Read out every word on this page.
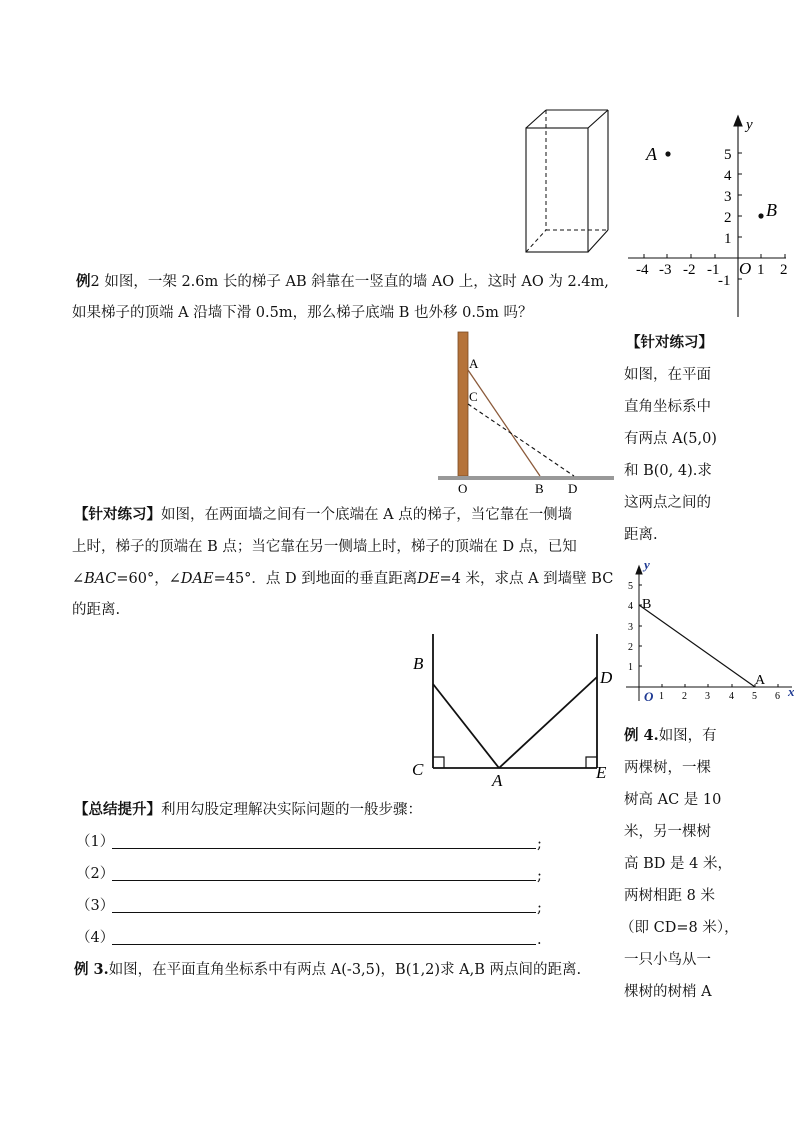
y
A
B
O
-4 -3 -2 -1	1 2
5
4
3
2
1
-1
例2 如图，一架 2.6m 长的梯子 AB 斜靠在一竖直的墙 AO 上，这时 AO 为 2.4m,
如果梯子的顶端 A 沿墙下滑 0.5m，那么梯子底端 B 也外移 0.5m 吗？
A
C
O	B D
【针对练习】
如图，在平面
直角坐标系中
有两点 A(5,0)
和 B(0, 4).求
这两点之间的
距离.
【针对练习】如图，在两面墙之间有一个底端在 A 点的梯子，当它靠在一侧墙
上时，梯子的顶端在 B 点；当它靠在另一侧墙上时，梯子的顶端在 D 点，已知
∠BAC=60°，∠DAE=45°．点 D 到地面的垂直距离DE=4 米，求点 A 到墙壁 BC
的距离.
y
O	x
B
A
1 2 3 4 5 6
5
4
3
2
1
B
D
C
A	E
例 4.如图，有
两棵树，一棵
树高 AC 是 10
米，另一棵树
高 BD 是 4 米，
两树相距 8 米
（即 CD=8 米），
一只小鸟从一
棵树的树梢 A
【总结提升】利用勾股定理解决实际问题的一般步骤：
（1）	;
（2）	;
（3）	;
（4）	.
例 3.如图，在平面直角坐标系中有两点 A(-3,5)，B(1,2)求 A,B 两点间的距离.
